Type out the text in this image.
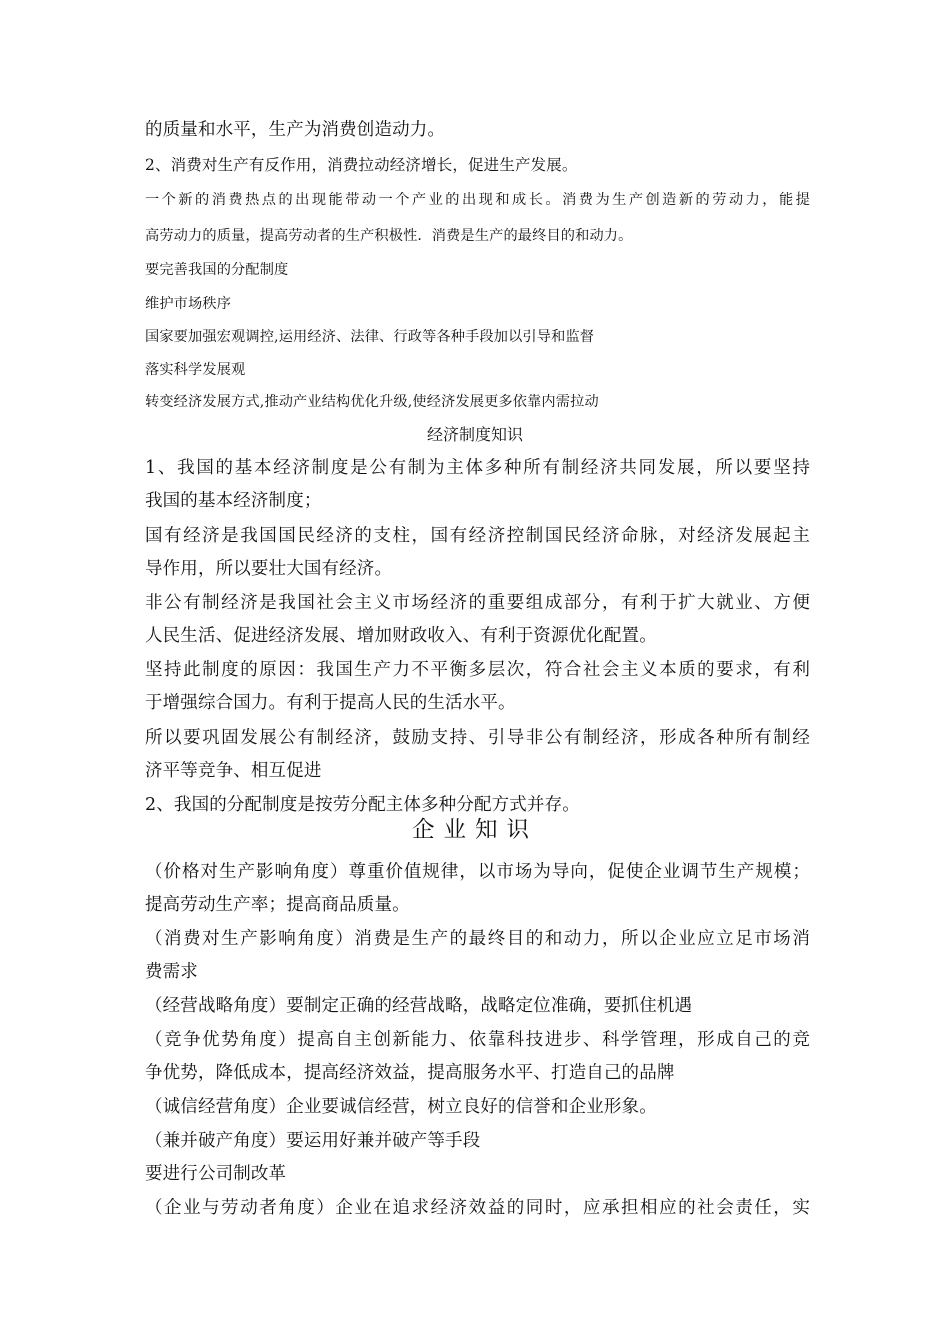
的质量和水平，生产为消费创造动力。

2、消费对生产有反作用，消费拉动经济增长，促进生产发展。

一个新的消费热点的出现能带动一个产业的出现和成长。消费为生产创造新的劳动力，能提

高劳动力的质量，提高劳动者的生产积极性．消费是生产的最终目的和动力。

要完善我国的分配制度

维护市场秩序

国家要加强宏观调控,运用经济、法律、行政等各种手段加以引导和监督

落实科学发展观

转变经济发展方式,推动产业结构优化升级,使经济发展更多依靠内需拉动

经济制度知识

1、我国的基本经济制度是公有制为主体多种所有制经济共同发展，所以要坚持

我国的基本经济制度；

国有经济是我国国民经济的支柱，国有经济控制国民经济命脉，对经济发展起主

导作用，所以要壮大国有经济。

非公有制经济是我国社会主义市场经济的重要组成部分，有利于扩大就业、方便

人民生活、促进经济发展、增加财政收入、有利于资源优化配置。

坚持此制度的原因：我国生产力不平衡多层次，符合社会主义本质的要求，有利

于增强综合国力。有利于提高人民的生活水平。

所以要巩固发展公有制经济，鼓励支持、引导非公有制经济，形成各种所有制经

济平等竞争、相互促进

2、我国的分配制度是按劳分配主体多种分配方式并存。

企业知识

（价格对生产影响角度）尊重价值规律，以市场为导向，促使企业调节生产规模；

提高劳动生产率；提高商品质量。

（消费对生产影响角度）消费是生产的最终目的和动力，所以企业应立足市场消

费需求

（经营战略角度）要制定正确的经营战略，战略定位准确，要抓住机遇

（竞争优势角度）提高自主创新能力、依靠科技进步、科学管理，形成自己的竞

争优势，降低成本，提高经济效益，提高服务水平、打造自己的品牌

（诚信经营角度）企业要诚信经营，树立良好的信誉和企业形象。

（兼并破产角度）要运用好兼并破产等手段

要进行公司制改革

（企业与劳动者角度）企业在追求经济效益的同时，应承担相应的社会责任，实
